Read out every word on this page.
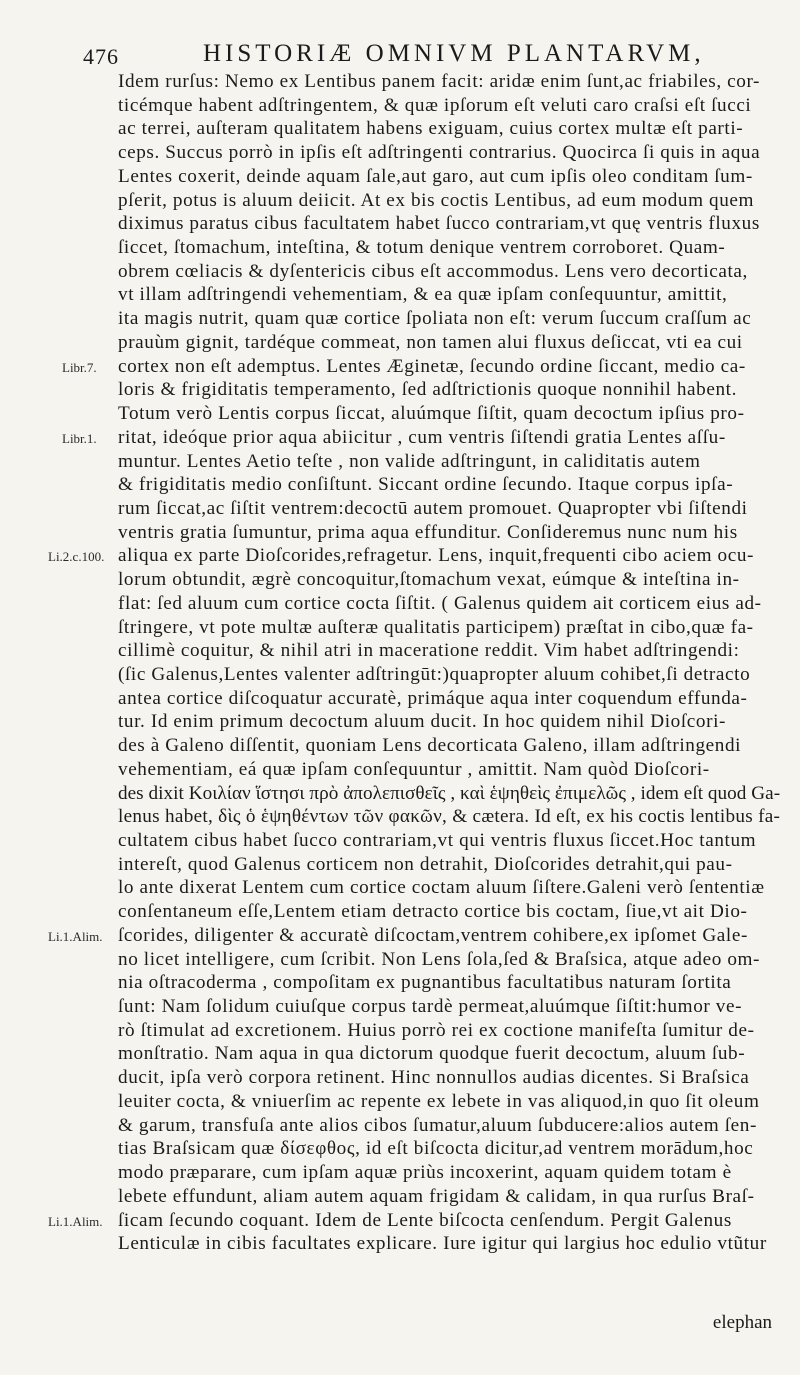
476	HISTORIÆ OMNIVM PLANTARVM,
Libr.7.
Libr.1.
Li.2.c.100.
Li.1.Alim.
Li.1.Alim.
Idem rurſus: Nemo ex Lentibus panem facit: aridæ enim ſunt,ac friabiles, cor-
ticémque habent adſtringentem, & quæ ipſorum eſt veluti caro craſsi eſt ſucci
ac terrei, auſteram qualitatem habens exiguam, cuius cortex multæ eſt parti-
ceps. Succus porrò in ipſis eſt adſtringenti contrarius. Quocirca ſi quis in aqua
Lentes coxerit, deinde aquam ſale,aut garo, aut cum ipſis oleo conditam ſum-
pſerit, potus is aluum deiicit. At ex bis coctis Lentibus, ad eum modum quem
diximus paratus cibus facultatem habet ſucco contrariam,vt quę ventris fluxus
ſiccet, ſtomachum, inteſtina, & totum denique ventrem corroboret. Quam-
obrem cœliacis & dyſentericis cibus eſt accommodus. Lens vero decorticata,
vt illam adſtringendi vehementiam, & ea quæ ipſam conſequuntur, amittit,
ita magis nutrit, quam quæ cortice ſpoliata non eſt: verum ſuccum craſſum ac
prauùm gignit, tardéque commeat, non tamen alui fluxus deſiccat, vti ea cui
cortex non eſt ademptus. Lentes Æginetæ, ſecundo ordine ſiccant, medio ca-
loris & frigiditatis temperamento, ſed adſtrictionis quoque nonnihil habent.
Totum verò Lentis corpus ſiccat, aluúmque ſiſtit, quam decoctum ipſius pro-
ritat, ideóque prior aqua abiicitur , cum ventris ſiſtendi gratia Lentes aſſu-
muntur. Lentes Aetio teſte , non valide adſtringunt, in caliditatis autem
& frigiditatis medio conſiſtunt. Siccant ordine ſecundo. Itaque corpus ipſa-
rum ſiccat,ac ſiſtit ventrem:decoctū autem promouet. Quapropter vbi ſiſtendi
ventris gratia ſumuntur, prima aqua effunditur. Conſideremus nunc num his
aliqua ex parte Dioſcorides,refragetur. Lens, inquit,frequenti cibo aciem ocu-
lorum obtundit, ægrè concoquitur,ſtomachum vexat, eúmque & inteſtina in-
flat: ſed aluum cum cortice cocta ſiſtit. ( Galenus quidem ait corticem eius ad-
ſtringere, vt pote multæ auſteræ qualitatis participem) præſtat in cibo,quæ fa-
cillimè coquitur, & nihil atri in maceratione reddit. Vim habet adſtringendi:
(ſic Galenus,Lentes valenter adſtringūt:)quapropter aluum cohibet,ſi detracto
antea cortice diſcoquatur accuratè, primáque aqua inter coquendum effunda-
tur. Id enim primum decoctum aluum ducit. In hoc quidem nihil Dioſcori-
des à Galeno diſſentit, quoniam Lens decorticata Galeno, illam adſtringendi
vehementiam, eá quæ ipſam conſequuntur , amittit. Nam quòd Dioſcori-
des dixit Κοιλίαν ἵστησι πρὸ ἀπολεπισθεῖς , καὶ ἑψηθεὶς ἐπιμελῶς , idem eſt quod Ga-
lenus habet, δὶς ὁ ἑψηθέντων τῶν φακῶν, & cætera. Id eſt, ex his coctis lentibus fa-
cultatem cibus habet ſucco contrariam,vt qui ventris fluxus ſiccet.Hoc tantum
intereſt, quod Galenus corticem non detrahit, Dioſcorides detrahit,qui pau-
lo ante dixerat Lentem cum cortice coctam aluum ſiſtere.Galeni verò ſententiæ
conſentaneum eſſe,Lentem etiam detracto cortice bis coctam, ſiue,vt ait Dio-
ſcorides, diligenter & accuratè diſcoctam,ventrem cohibere,ex ipſomet Gale-
no licet intelligere, cum ſcribit. Non Lens ſola,ſed & Braſsica, atque adeo om-
nia oſtracoderma , compoſitam ex pugnantibus facultatibus naturam ſortita
ſunt: Nam ſolidum cuiuſque corpus tardè permeat,aluúmque ſiſtit:humor ve-
rò ſtimulat ad excretionem. Huius porrò rei ex coctione manifeſta ſumitur de-
monſtratio. Nam aqua in qua dictorum quodque fuerit decoctum, aluum ſub-
ducit, ipſa verò corpora retinent. Hinc nonnullos audias dicentes. Si Braſsica
leuiter cocta, & vniuerſim ac repente ex lebete in vas aliquod,in quo ſit oleum
& garum, transfuſa ante alios cibos ſumatur,aluum ſubducere:alios autem ſen-
tias Braſsicam quæ δίσεφθος, id eſt biſcocta dicitur,ad ventrem morādum,hoc
modo præparare, cum ipſam aquæ priùs incoxerint, aquam quidem totam è
lebete effundunt, aliam autem aquam frigidam & calidam, in qua rurſus Braſ-
ſicam ſecundo coquant. Idem de Lente biſcocta cenſendum. Pergit Galenus
Lenticulæ in cibis facultates explicare. Iure igitur qui largius hoc edulio vtũtur
elephan
